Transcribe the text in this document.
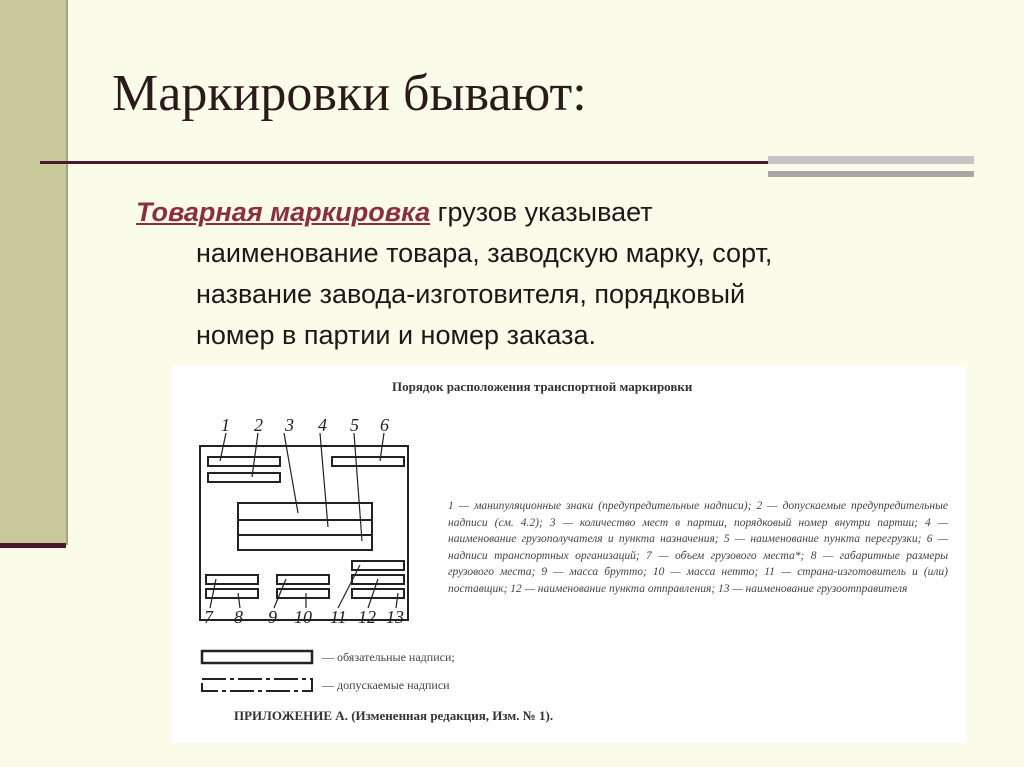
Маркировки бывают:
Товарная маркировка грузов указывает
наименование товара, заводскую марку, сорт,
название завода-изготовителя, порядковый
номер в партии и номер заказа.
Порядок расположения транспортной маркировки
1 2 3 4 5 6
7 8 9 10 11 12 13

1 — манипуляционные знаки (предупредительные надписи); 2 — допускаемые предупредительные надписи (см. 4.2); 3 — количество мест в партии, порядковый номер внутри партии; 4 — наименование грузополучателя и пункта назначения; 5 — наименование пункта перегрузки; 6 — надписи транспортных организаций; 7 — объем грузового места*; 8 — габаритные размеры грузового места; 9 — масса брутто; 10 — масса нетто; 11 — страна-изготовитель и (или) поставщик; 12 — наименование пункта отправления; 13 — наименование грузоотправителя

— обязательные надписи;
— допускаемые надписи
ПРИЛОЖЕНИЕ А. (Измененная редакция, Изм. № 1).
